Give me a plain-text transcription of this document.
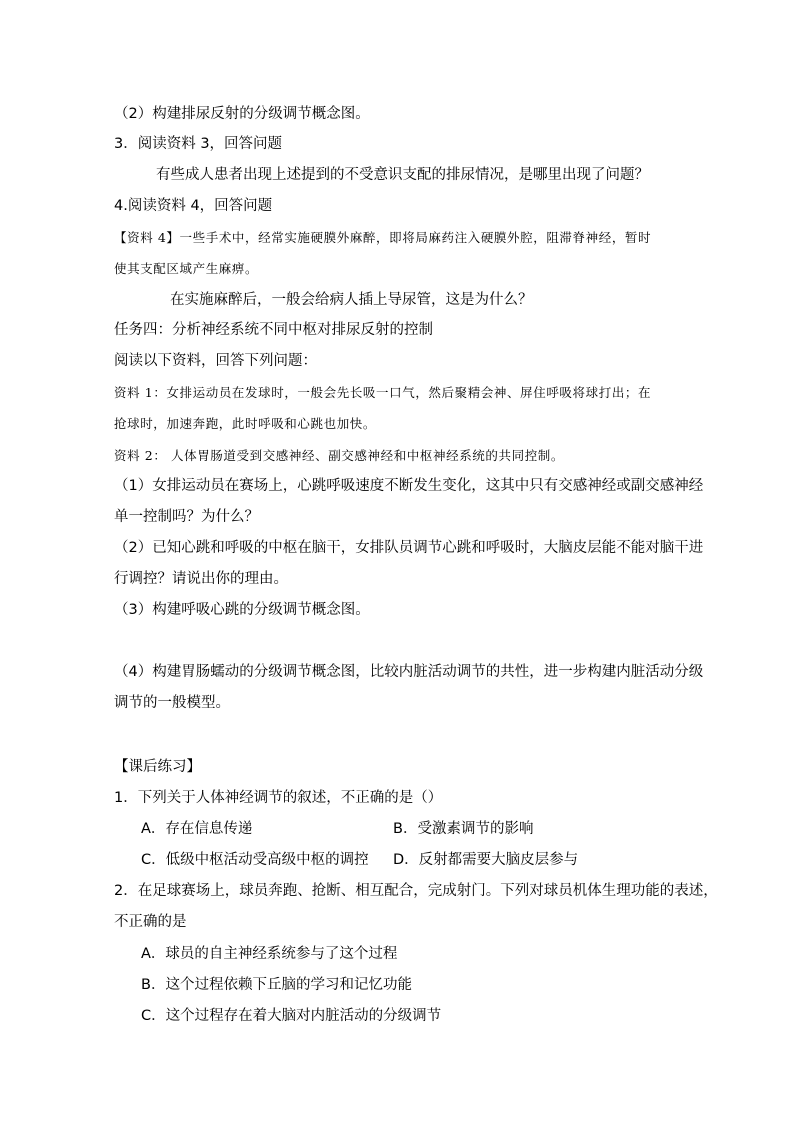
（2）构建排尿反射的分级调节概念图。
3．阅读资料 3，回答问题
有些成人患者出现上述提到的不受意识支配的排尿情况，是哪里出现了问题？
4.阅读资料 4，回答问题
【资料 4】一些手术中，经常实施硬膜外麻醉，即将局麻药注入硬膜外腔，阻滞脊神经，暂时
使其支配区域产生麻痹。
在实施麻醉后，一般会给病人插上导尿管，这是为什么？
任务四：分析神经系统不同中枢对排尿反射的控制
阅读以下资料，回答下列问题：
资料 1：女排运动员在发球时，一般会先长吸一口气，然后聚精会神、屏住呼吸将球打出；在
抢球时，加速奔跑，此时呼吸和心跳也加快。
资料 2： 人体胃肠道受到交感神经、副交感神经和中枢神经系统的共同控制。
（1）女排运动员在赛场上，心跳呼吸速度不断发生变化，这其中只有交感神经或副交感神经
单一控制吗？为什么？
（2）已知心跳和呼吸的中枢在脑干，女排队员调节心跳和呼吸时，大脑皮层能不能对脑干进
行调控？请说出你的理由。
（3）构建呼吸心跳的分级调节概念图。
（4）构建胃肠蠕动的分级调节概念图，比较内脏活动调节的共性，进一步构建内脏活动分级
调节的一般模型。
【课后练习】
1．下列关于人体神经调节的叙述，不正确的是（）
A．存在信息传递	B．受激素调节的影响
C．低级中枢活动受高级中枢的调控 D．反射都需要大脑皮层参与
2．在足球赛场上，球员奔跑、抢断、相互配合，完成射门。下列对球员机体生理功能的表述，
不正确的是
A．球员的自主神经系统参与了这个过程
B．这个过程依赖下丘脑的学习和记忆功能
C．这个过程存在着大脑对内脏活动的分级调节
